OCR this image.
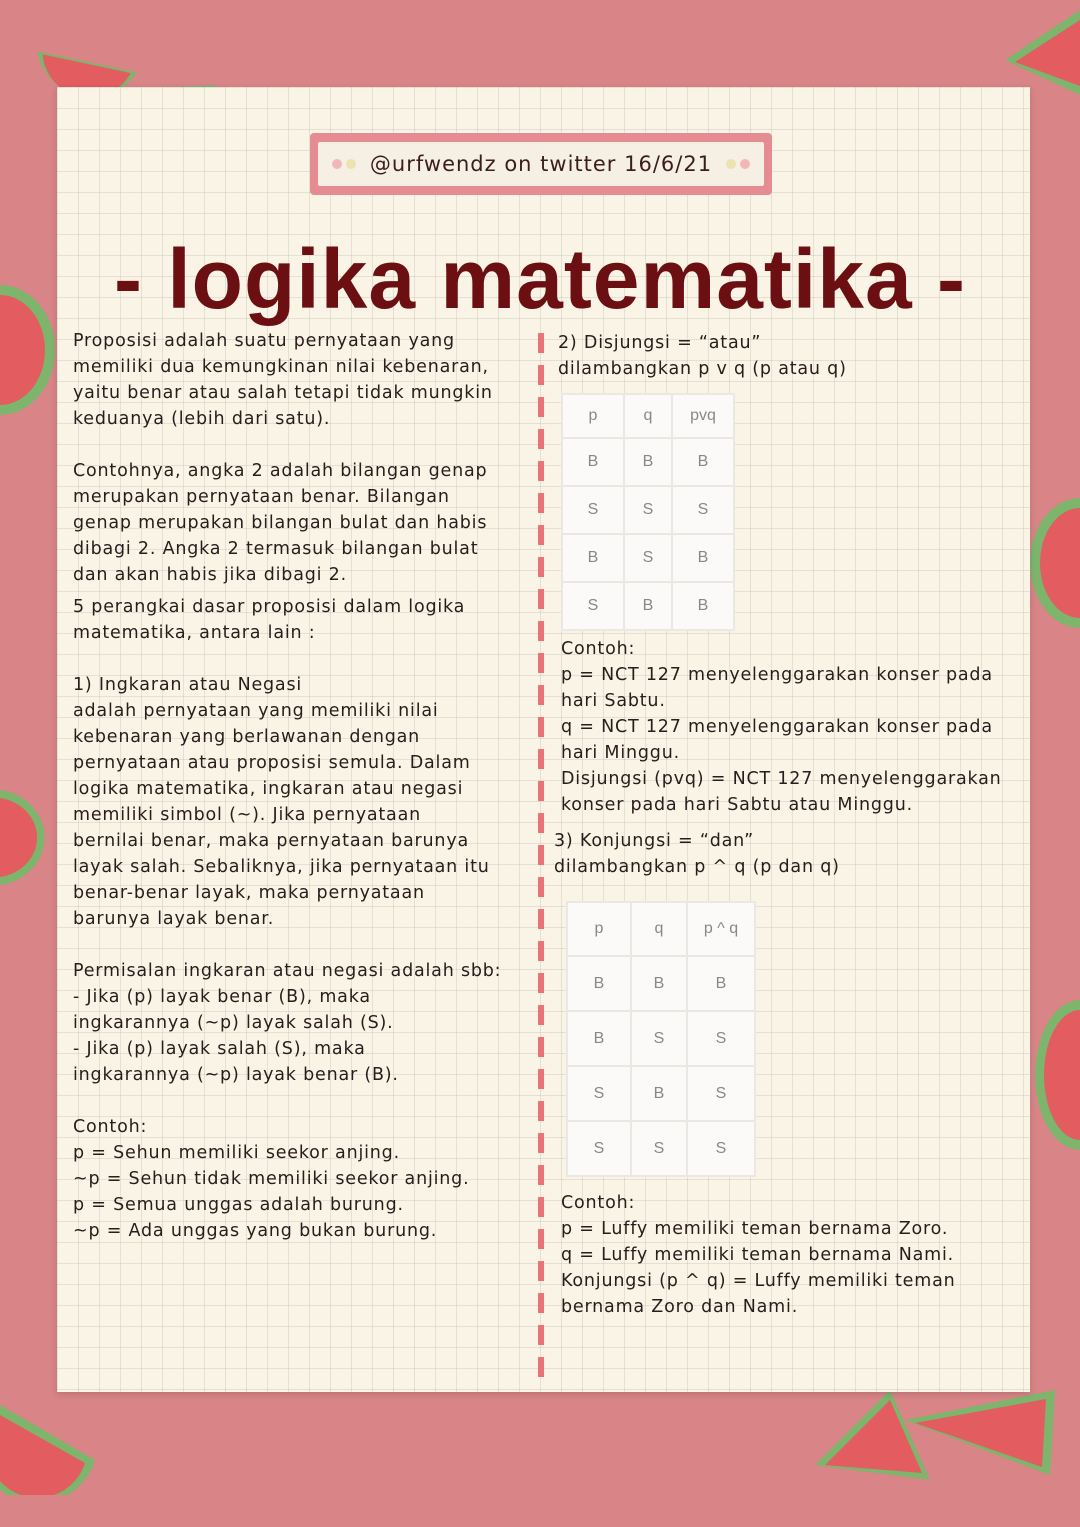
@urfwendz on twitter 16/6/21
- logika matematika -

Proposisi adalah suatu pernyataan yang

memiliki dua kemungkinan nilai kebenaran,

yaitu benar atau salah tetapi tidak mungkin

keduanya (lebih dari satu).

Contohnya, angka 2 adalah bilangan genap

merupakan pernyataan benar. Bilangan

genap merupakan bilangan bulat dan habis

dibagi 2. Angka 2 termasuk bilangan bulat

dan akan habis jika dibagi 2.

5 perangkai dasar proposisi dalam logika

matematika, antara lain :

1) Ingkaran atau Negasi

adalah pernyataan yang memiliki nilai

kebenaran yang berlawanan dengan

pernyataan atau proposisi semula. Dalam

logika matematika, ingkaran atau negasi

memiliki simbol (~). Jika pernyataan

bernilai benar, maka pernyataan barunya

layak salah. Sebaliknya, jika pernyataan itu

benar-benar layak, maka pernyataan

barunya layak benar.

Permisalan ingkaran atau negasi adalah sbb:

- Jika (p) layak benar (B), maka

ingkarannya (~p) layak salah (S).

- Jika (p) layak salah (S), maka

ingkarannya (~p) layak benar (B).

Contoh:

p = Sehun memiliki seekor anjing.

~p = Sehun tidak memiliki seekor anjing.

p = Semua unggas adalah burung.

~p = Ada unggas yang bukan burung.

2) Disjungsi = “atau”

dilambangkan p v q (p atau q)

p	q	pvq
B	B	B
S	S	S
B	S	B
S	B	B

Contoh:

p = NCT 127 menyelenggarakan konser pada

hari Sabtu.

q = NCT 127 menyelenggarakan konser pada

hari Minggu.

Disjungsi (pvq) = NCT 127 menyelenggarakan

konser pada hari Sabtu atau Minggu.

3) Konjungsi = “dan”

dilambangkan p ^ q (p dan q)

p	q	p ^ q
B	B	B
B	S	S
S	B	S
S	S	S

Contoh:

p = Luffy memiliki teman bernama Zoro.

q = Luffy memiliki teman bernama Nami.

Konjungsi (p ^ q) = Luffy memiliki teman

bernama Zoro dan Nami.
